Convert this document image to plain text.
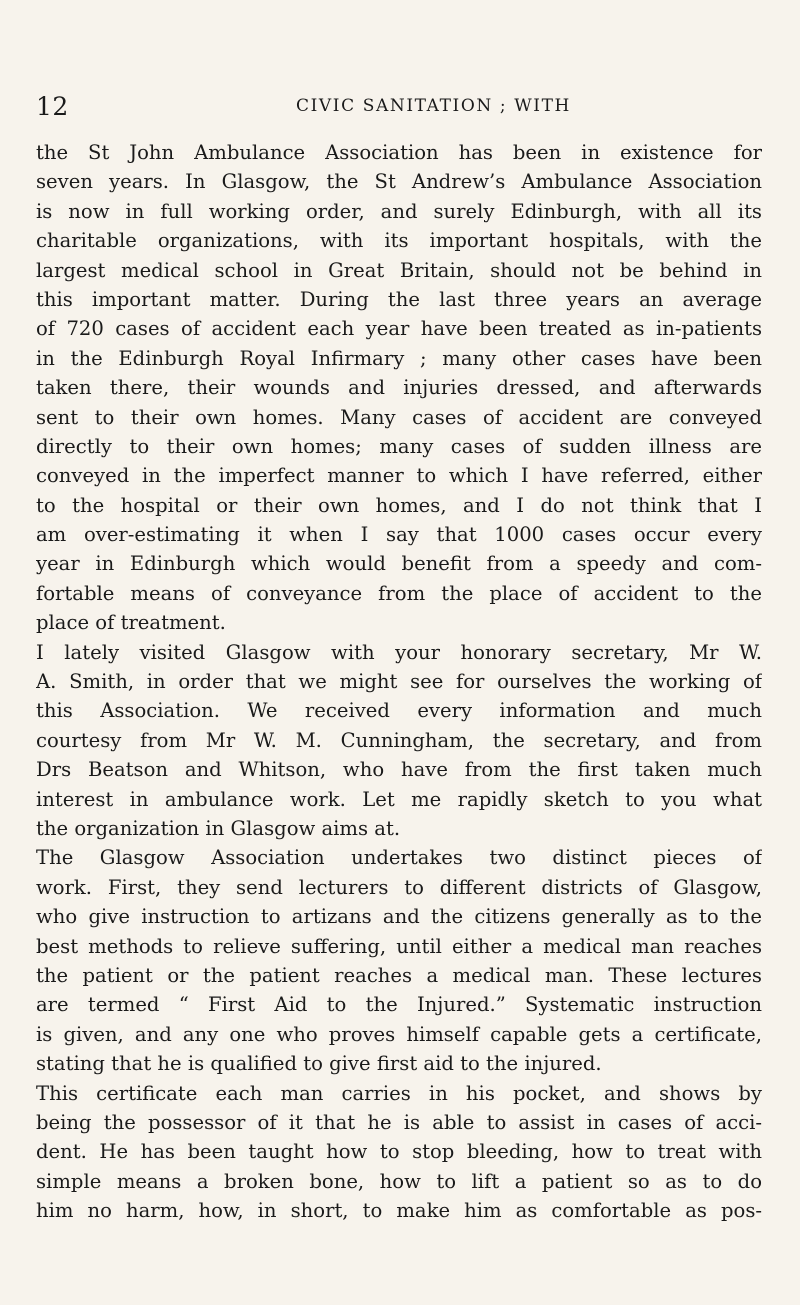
12	CIVIC SANITATION ; WITH
the St John Ambulance Association has been in existence for
seven years. In Glasgow, the St Andrew’s Ambulance Association
is now in full working order, and surely Edinburgh, with all its
charitable organizations, with its important hospitals, with the
largest medical school in Great Britain, should not be behind in
this important matter. During the last three years an average
of 720 cases of accident each year have been treated as in-patients
in the Edinburgh Royal Infirmary ; many other cases have been
taken there, their wounds and injuries dressed, and afterwards
sent to their own homes. Many cases of accident are conveyed
directly to their own homes; many cases of sudden illness are
conveyed in the imperfect manner to which I have referred, either
to the hospital or their own homes, and I do not think that I
am over-estimating it when I say that 1000 cases occur every
year in Edinburgh which would benefit from a speedy and com-
fortable means of conveyance from the place of accident to the
place of treatment.
I lately visited Glasgow with your honorary secretary, Mr W.
A. Smith, in order that we might see for ourselves the working of
this Association. We received every information and much
courtesy from Mr W. M. Cunningham, the secretary, and from
Drs Beatson and Whitson, who have from the first taken much
interest in ambulance work. Let me rapidly sketch to you what
the organization in Glasgow aims at.
The Glasgow Association undertakes two distinct pieces of
work. First, they send lecturers to different districts of Glasgow,
who give instruction to artizans and the citizens generally as to the
best methods to relieve suffering, until either a medical man reaches
the patient or the patient reaches a medical man. These lectures
are termed “ First Aid to the Injured.” Systematic instruction
is given, and any one who proves himself capable gets a certificate,
stating that he is qualified to give first aid to the injured.
This certificate each man carries in his pocket, and shows by
being the possessor of it that he is able to assist in cases of acci-
dent. He has been taught how to stop bleeding, how to treat with
simple means a broken bone, how to lift a patient so as to do
him no harm, how, in short, to make him as comfortable as pos-
